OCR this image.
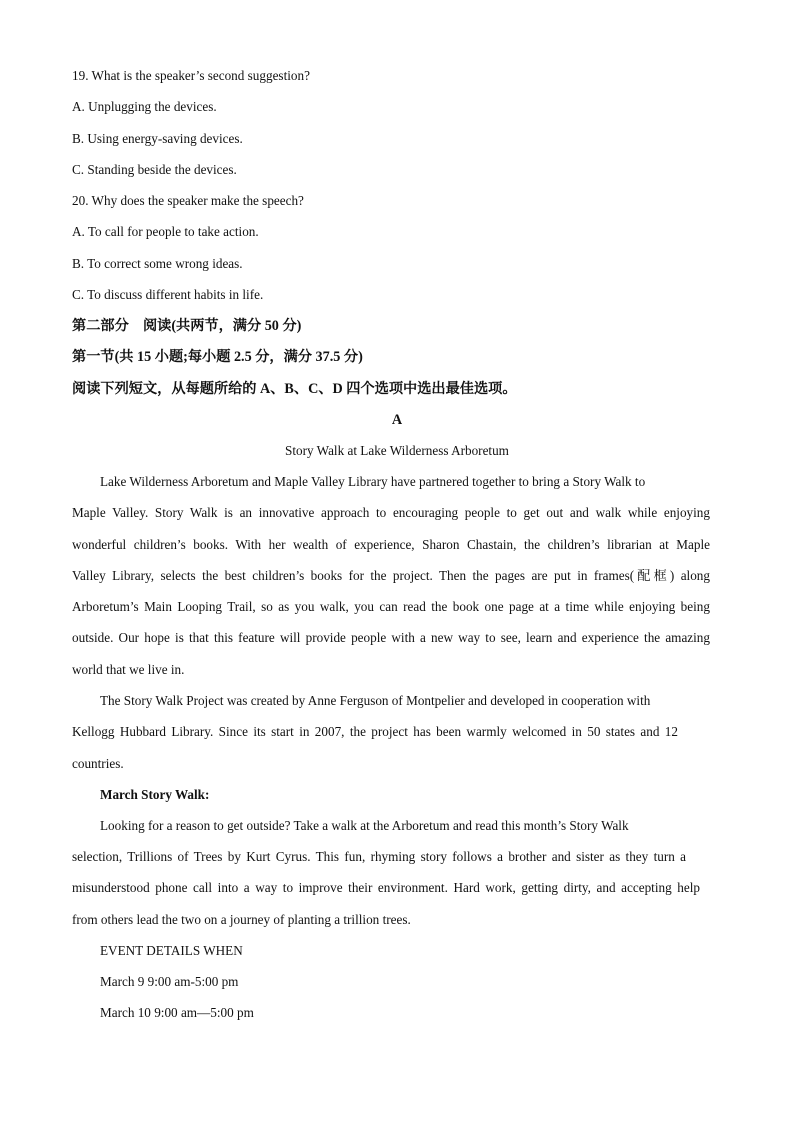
19. What is the speaker’s second suggestion?
A. Unplugging the devices.
B. Using energy-saving devices.
C. Standing beside the devices.
20. Why does the speaker make the speech?
A. To call for people to take action.
B. To correct some wrong ideas.
C. To discuss different habits in life.
第二部分　阅读(共两节，满分 50 分)
第一节(共 15 小题;每小题 2.5 分，满分 37.5 分)
阅读下列短文，从每题所给的 A、B、C、D 四个选项中选出最佳选项。
A
Story Walk at Lake Wilderness Arboretum
Lake Wilderness Arboretum and Maple Valley Library have partnered together to bring a Story Walk to
Maple Valley. Story Walk is an innovative approach to encouraging people to get out and walk while enjoying
wonderful children’s books. With her wealth of experience, Sharon Chastain, the children’s librarian at Maple
Valley Library, selects the best children’s books for the project. Then the pages are put in frames(配框) along
Arboretum’s Main Looping Trail, so as you walk, you can read the book one page at a time while enjoying being
outside. Our hope is that this feature will provide people with a new way to see, learn and experience the amazing
world that we live in.
The Story Walk Project was created by Anne Ferguson of Montpelier and developed in cooperation with
Kellogg Hubbard Library. Since its start in 2007, the project has been warmly welcomed in 50 states and 12
countries.
March Story Walk:
Looking for a reason to get outside? Take a walk at the Arboretum and read this month’s Story Walk
selection, Trillions of Trees by Kurt Cyrus. This fun, rhyming story follows a brother and sister as they turn a
misunderstood phone call into a way to improve their environment. Hard work, getting dirty, and accepting help
from others lead the two on a journey of planting a trillion trees.
EVENT DETAILS WHEN
March 9 9:00 am-5:00 pm
March 10 9:00 am—5:00 pm
